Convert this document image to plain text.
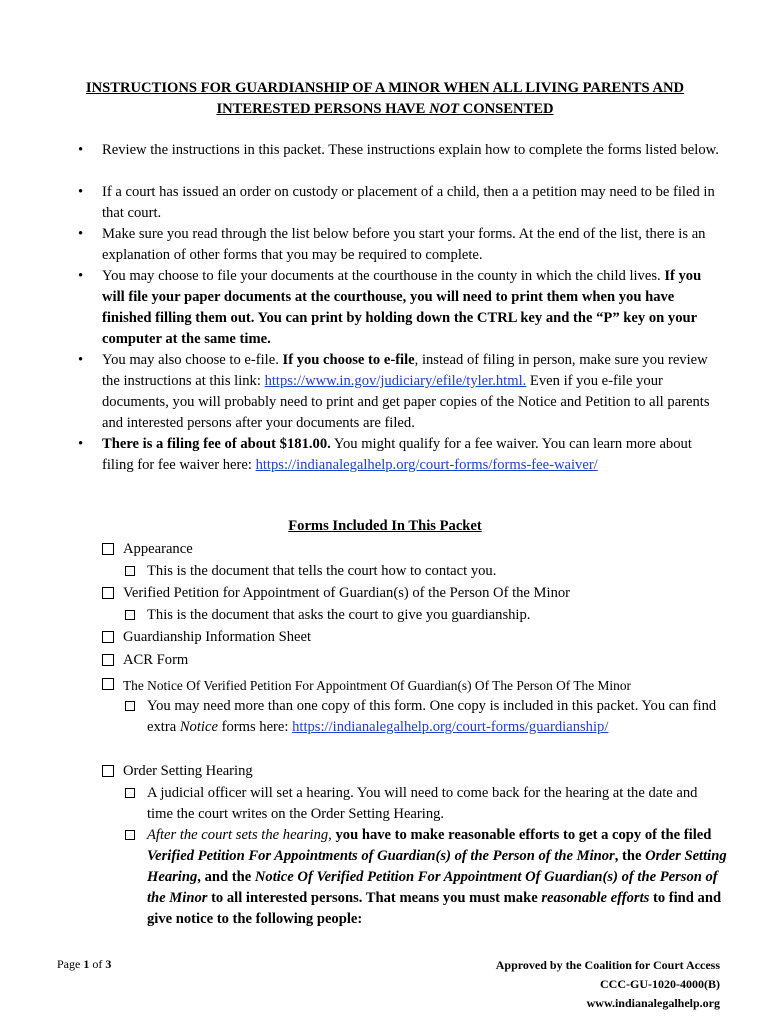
INSTRUCTIONS FOR GUARDIANSHIP OF A MINOR WHEN ALL LIVING PARENTS AND
INTERESTED PERSONS HAVE NOT CONSENTED
• Review the instructions in this packet. These instructions explain how to complete the forms listed below.
• If a court has issued an order on custody or placement of a child, then a a petition may need to be filed in that court.
• Make sure you read through the list below before you start your forms. At the end of the list, there is an explanation of other forms that you may be required to complete.
• You may choose to file your documents at the courthouse in the county in which the child lives. If you will file your paper documents at the courthouse, you will need to print them when you have finished filling them out. You can print by holding down the CTRL key and the “P” key on your computer at the same time.
• You may also choose to e-file. If you choose to e-file, instead of filing in person, make sure you review the instructions at this link: https://www.in.gov/judiciary/efile/tyler.html. Even if you e-file your documents, you will probably need to print and get paper copies of the Notice and Petition to all parents and interested persons after your documents are filed.
• There is a filing fee of about $181.00. You might qualify for a fee waiver. You can learn more about filing for fee waiver here: https://indianalegalhelp.org/court-forms/forms-fee-waiver/
Forms Included In This Packet
Appearance
This is the document that tells the court how to contact you.
Verified Petition for Appointment of Guardian(s) of the Person Of the Minor
This is the document that asks the court to give you guardianship.
Guardianship Information Sheet
ACR Form
The Notice Of Verified Petition For Appointment Of Guardian(s) Of The Person Of The Minor
You may need more than one copy of this form. One copy is included in this packet. You can find extra Notice forms here: https://indianalegalhelp.org/court-forms/guardianship/
Order Setting Hearing
A judicial officer will set a hearing. You will need to come back for the hearing at the date and time the court writes on the Order Setting Hearing.
After the court sets the hearing, you have to make reasonable efforts to get a copy of the filed Verified Petition For Appointments of Guardian(s) of the Person of the Minor, the Order Setting Hearing, and the Notice Of Verified Petition For Appointment Of Guardian(s) of the Person of the Minor to all interested persons. That means you must make reasonable efforts to find and give notice to the following people:
Page 1 of 3	Approved by the Coalition for Court Access
CCC-GU-1020-4000(B)
www.indianalegalhelp.org
